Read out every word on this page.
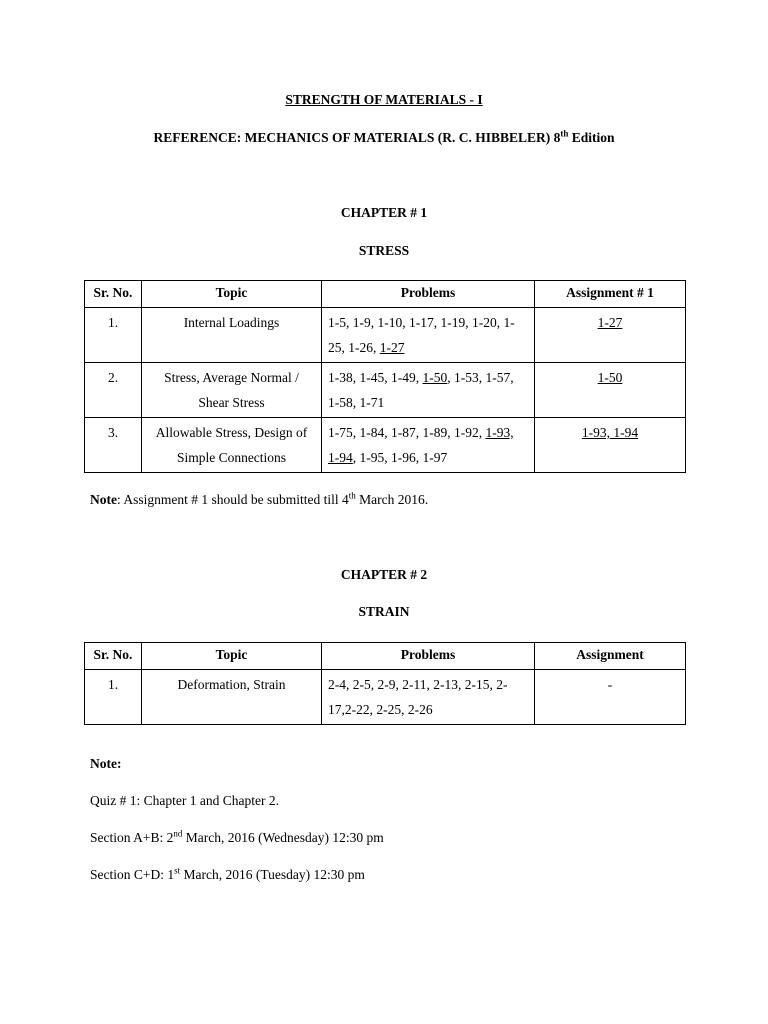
STRENGTH OF MATERIALS - I
REFERENCE: MECHANICS OF MATERIALS (R. C. HIBBELER) 8th Edition
CHAPTER # 1
STRESS
Sr. No.	Topic	Problems	Assignment # 1
1.	Internal Loadings	1-5, 1-9, 1-10, 1-17, 1-19, 1-20, 1-25, 1-26, 1-27	1-27
2.	Stress, Average Normal / Shear Stress	1-38, 1-45, 1-49, 1-50, 1-53, 1-57, 1-58, 1-71	1-50
3.	Allowable Stress, Design of Simple Connections	1-75, 1-84, 1-87, 1-89, 1-92, 1-93, 1-94, 1-95, 1-96, 1-97	1-93, 1-94
Note: Assignment # 1 should be submitted till 4th March 2016.
CHAPTER # 2
STRAIN
Sr. No.	Topic	Problems	Assignment
1.	Deformation, Strain	2-4, 2-5, 2-9, 2-11, 2-13, 2-15, 2-17,2-22, 2-25, 2-26	-
Note:
Quiz # 1: Chapter 1 and Chapter 2.
Section A+B: 2nd March, 2016 (Wednesday) 12:30 pm
Section C+D: 1st March, 2016 (Tuesday) 12:30 pm
